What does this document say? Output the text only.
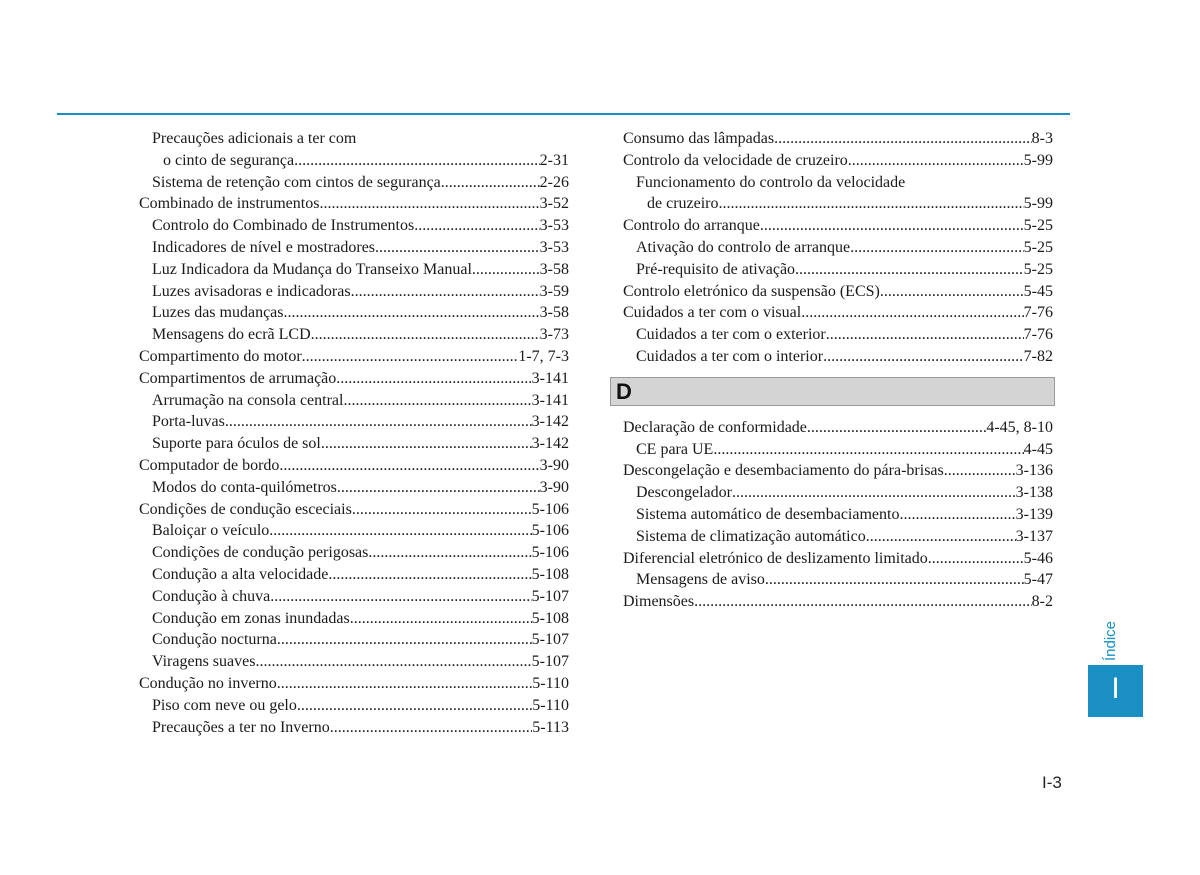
Precauções adicionais a ter com
o cinto de segurança .....	2-31
Sistema de retenção com cintos de segurança .....	2-26
Combinado de instrumentos .....	3-52
Controlo do Combinado de Instrumentos .....	3-53
Indicadores de nível e mostradores .....	3-53
Luz Indicadora da Mudança do Transeixo Manual .....	3-58
Luzes avisadoras e indicadoras .....	3-59
Luzes das mudanças .....	3-58
Mensagens do ecrã LCD .....	3-73
Compartimento do motor .....	1-7, 7-3
Compartimentos de arrumação .....	3-141
Arrumação na consola central .....	3-141
Porta-luvas .....	3-142
Suporte para óculos de sol .....	3-142
Computador de bordo .....	3-90
Modos do conta-quilómetros .....	3-90
Condições de condução esceciais .....	5-106
Baloiçar o veículo .....	5-106
Condições de condução perigosas .....	5-106
Condução a alta velocidade .....	5-108
Condução à chuva .....	5-107
Condução em zonas inundadas .....	5-108
Condução nocturna .....	5-107
Viragens suaves .....	5-107
Condução no inverno .....	5-110
Piso com neve ou gelo .....	5-110
Precauções a ter no Inverno .....	5-113
Consumo das lâmpadas .....	8-3
Controlo da velocidade de cruzeiro .....	5-99
Funcionamento do controlo da velocidade
de cruzeiro .....	5-99
Controlo do arranque .....	5-25
Ativação do controlo de arranque .....	5-25
Pré-requisito de ativação .....	5-25
Controlo eletrónico da suspensão (ECS) .....	5-45
Cuidados a ter com o visual .....	7-76
Cuidados a ter com o exterior .....	7-76
Cuidados a ter com o interior .....	7-82
D
Declaração de conformidade .....	4-45, 8-10
CE para UE .....	4-45
Descongelação e desembaciamento do pára-brisas .....	3-136
Descongelador .....	3-138
Sistema automático de desembaciamento .....	3-139
Sistema de climatização automático .....	3-137
Diferencial eletrónico de deslizamento limitado .....	5-46
Mensagens de aviso .....	5-47
Dimensões .....	8-2
Índice
I
I-3
